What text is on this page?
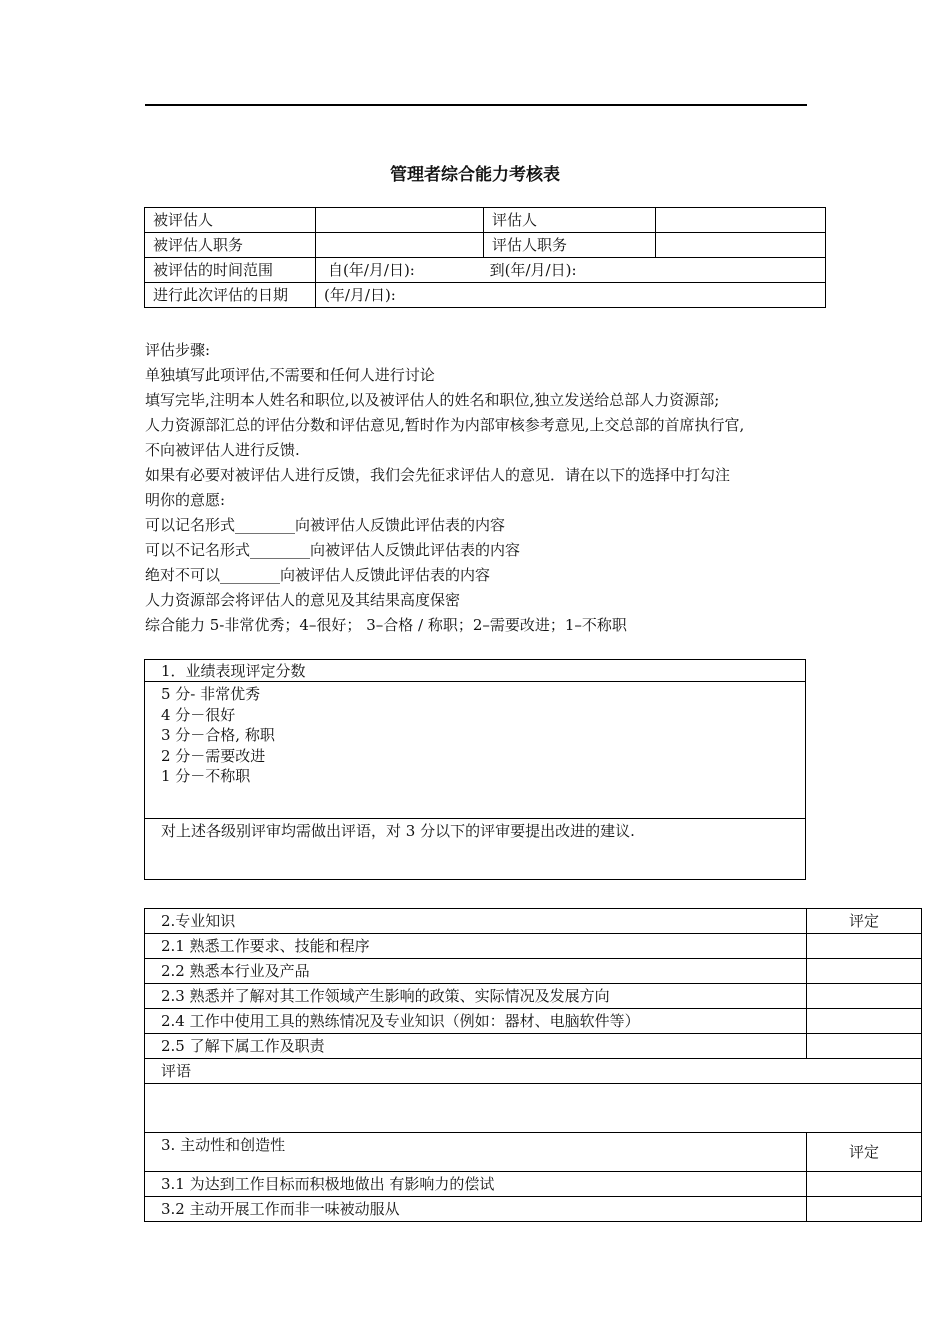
管理者综合能力考核表
被评估人		评估人	
被评估人职务		评估人职务	
被评估的时间范围	自(年/月/日): 到(年/月/日):		
进行此次评估的日期	(年/月/日):		
评估步骤:
单独填写此项评估,不需要和任何人进行讨论
填写完毕,注明本人姓名和职位,以及被评估人的姓名和职位,独立发送给总部人力资源部;
人力资源部汇总的评估分数和评估意见,暂时作为内部审核参考意见,上交总部的首席执行官,
不向被评估人进行反馈.
如果有必要对被评估人进行反馈，我们会先征求评估人的意见．请在以下的选择中打勾注
明你的意愿:
可以记名形式________向被评估人反馈此评估表的内容
可以不记名形式________向被评估人反馈此评估表的内容
绝对不可以________向被评估人反馈此评估表的内容
人力资源部会将评估人的意见及其结果高度保密
综合能力 5-非常优秀；4–很好； 3–合格 / 称职；2–需要改进；1–不称职
1．业绩表现评定分数

5 分- 非常优秀
4 分－很好
3 分－合格, 称职
2 分－需要改进
1 分－不称职

对上述各级别评审均需做出评语，对 3 分以下的评审要提出改进的建议.
2.专业知识	评定
2.1 熟悉工作要求、技能和程序	
2.2 熟悉本行业及产品	
2.3 熟悉并了解对其工作领域产生影响的政策、实际情况及发展方向	
2.4 工作中使用工具的熟练情况及专业知识（例如：器材、电脑软件等）	
2.5 了解下属工作及职责	
评语	

3. 主动性和创造性	评定
3.1 为达到工作目标而积极地做出 有影响力的偿试	
3.2 主动开展工作而非一味被动服从	
